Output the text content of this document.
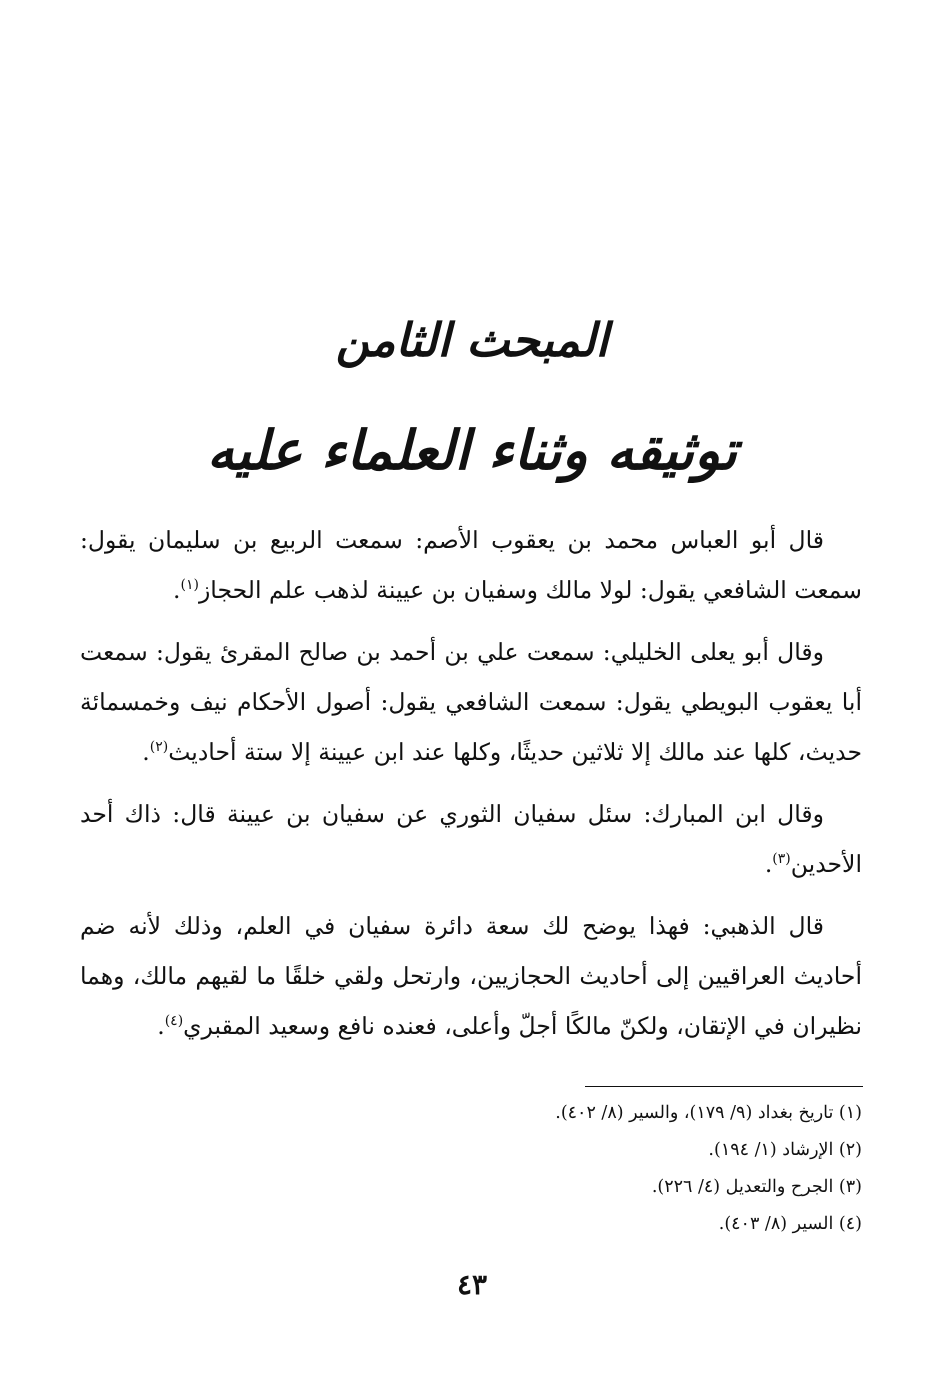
المبحث الثامن
توثيقه وثناء العلماء عليه

قال أبو العباس محمد بن يعقوب الأصم: سمعت الربيع بن سليمان يقول: سمعت الشافعي يقول: لولا مالك وسفيان بن عيينة لذهب علم الحجاز$^{(١)}$.

وقال أبو يعلى الخليلي: سمعت علي بن أحمد بن صالح المقرئ يقول: سمعت أبا يعقوب البويطي يقول: سمعت الشافعي يقول: أصول الأحكام نيف وخمسمائة حديث، كلها عند مالك إلا ثلاثين حديثًا، وكلها عند ابن عيينة إلا ستة أحاديث$^{(٢)}$.

وقال ابن المبارك: سئل سفيان الثوري عن سفيان بن عيينة قال: ذاك أحد الأحدين$^{(٣)}$.

قال الذهبي: فهذا يوضح لك سعة دائرة سفيان في العلم، وذلك لأنه ضم أحاديث العراقيين إلى أحاديث الحجازيين، وارتحل ولقي خلقًا ما لقيهم مالك، وهما نظيران في الإتقان، ولكنّ مالكًا أجلّ وأعلى، فعنده نافع وسعيد المقبري$^{(٤)}$.

(١) تاريخ بغداد (٩/ ١٧٩)، والسير (٨/ ٤٠٢).

(٢) الإرشاد (١/ ١٩٤).

(٣) الجرح والتعديل (٤/ ٢٢٦).

(٤) السير (٨/ ٤٠٣).

٤٣
